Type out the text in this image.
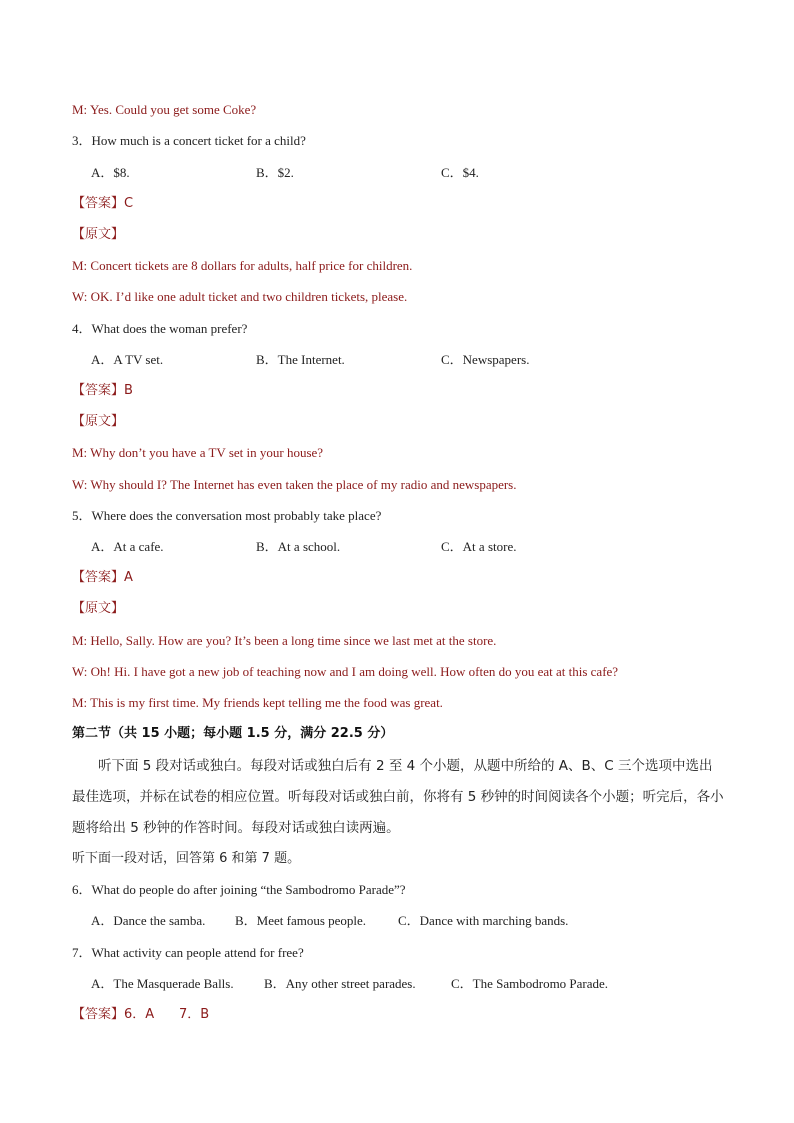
M: Yes. Could you get some Coke?
3．How much is a concert ticket for a child?
A．$8.	B．$2.	C．$4.
【答案】C
【原文】
M: Concert tickets are 8 dollars for adults, half price for children.
W: OK. I’d like one adult ticket and two children tickets, please.
4．What does the woman prefer?
A．A TV set.	B．The Internet.	C．Newspapers.
【答案】B
【原文】
M: Why don’t you have a TV set in your house?
W: Why should I? The Internet has even taken the place of my radio and newspapers.
5．Where does the conversation most probably take place?
A．At a cafe.	B．At a school.	C．At a store.
【答案】A
【原文】
M: Hello, Sally. How are you? It’s been a long time since we last met at the store.
W: Oh! Hi. I have got a new job of teaching now and I am doing well. How often do you eat at this cafe?
M: This is my first time. My friends kept telling me the food was great.
第二节（共 15 小题；每小题 1.5 分，满分 22.5 分）
听下面 5 段对话或独白。每段对话或独白后有 2 至 4 个小题，从题中所给的 A、B、C 三个选项中选出最佳选项，并标在试卷的相应位置。听每段对话或独白前，你将有 5 秒钟的时间阅读各个小题；听完后，各小题将给出 5 秒钟的作答时间。每段对话或独白读两遍。
听下面一段对话，回答第 6 和第 7 题。
6．What do people do after joining “the Sambodromo Parade”?
A．Dance the samba. B．Meet famous people. C．Dance with marching bands.
7．What activity can people attend for free?
A．The Masquerade Balls. B．Any other street parades.	C．The Sambodromo Parade.
【答案】6．A      7．B
